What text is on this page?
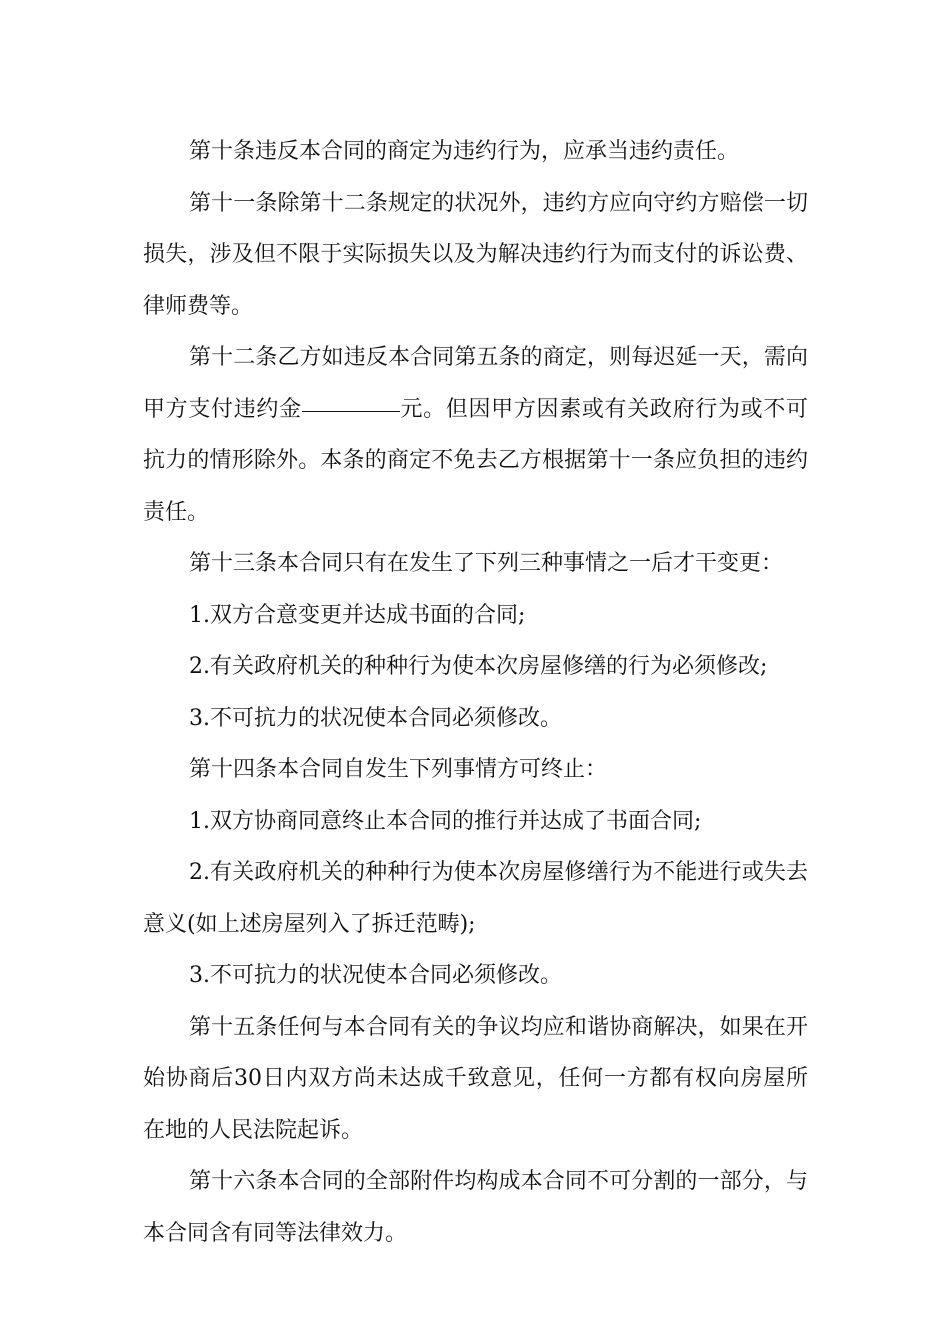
第十条违反本合同的商定为违约行为，应承当违约责任。

第十一条除第十二条规定的状况外，违约方应向守约方赔偿一切损失，涉及但不限于实际损失以及为解决违约行为而支付的诉讼费、律师费等。

第十二条乙方如违反本合同第五条的商定，则每迟延一天，需向甲方支付违约金	元。但因甲方因素或有关政府行为或不可抗力的情形除外。本条的商定不免去乙方根据第十一条应负担的违约责任。

第十三条本合同只有在发生了下列三种事情之一后才干变更：

1.双方合意变更并达成书面的合同;

2.有关政府机关的种种行为使本次房屋修缮的行为必须修改;

3.不可抗力的状况使本合同必须修改。

第十四条本合同自发生下列事情方可终止：

1.双方协商同意终止本合同的推行并达成了书面合同;

2.有关政府机关的种种行为使本次房屋修缮行为不能进行或失去意义(如上述房屋列入了拆迁范畴);

3.不可抗力的状况使本合同必须修改。

第十五条任何与本合同有关的争议均应和谐协商解决，如果在开始协商后30日内双方尚未达成千致意见，任何一方都有权向房屋所在地的人民法院起诉。

第十六条本合同的全部附件均构成本合同不可分割的一部分，与本合同含有同等法律效力。
